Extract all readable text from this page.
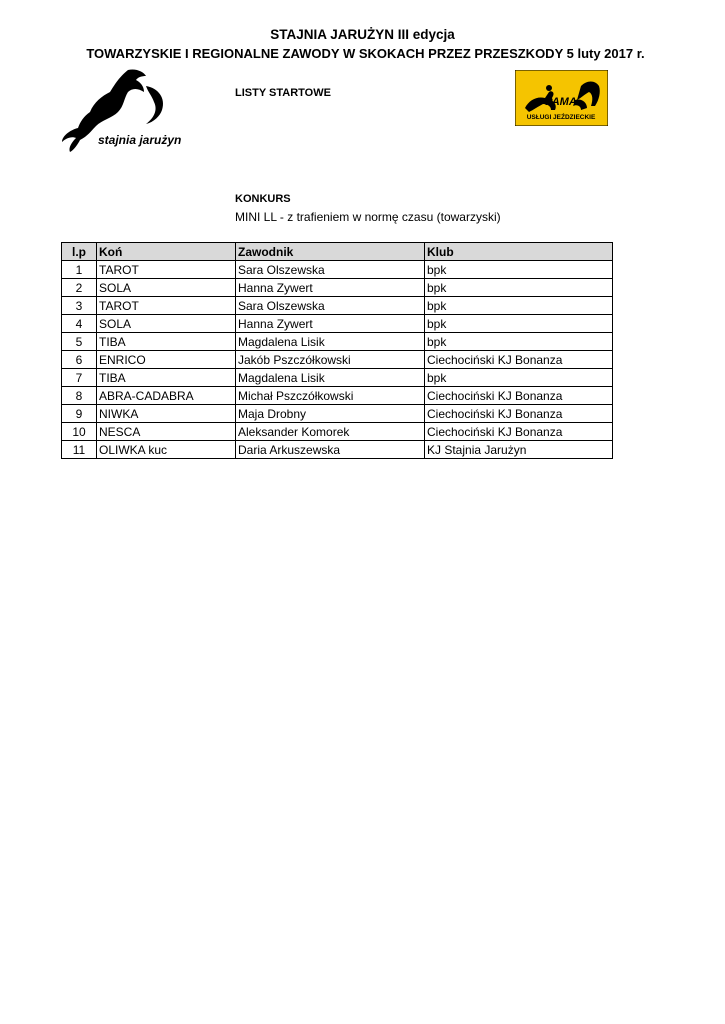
STAJNIA JARUŻYN III edycja
TOWARZYSKIE I REGIONALNE ZAWODY W SKOKACH PRZEZ PRZESZKODY 5 luty 2017 r.
stajnia jarużyn
LISTY STARTOWE
PAMA
USŁUGI JEŹDZIECKIE
KONKURS
MINI LL - z trafieniem w normę czasu (towarzyski)
l.p	Koń	Zawodnik	Klub
1	TAROT	Sara Olszewska	bpk
2	SOLA	Hanna Zywert	bpk
3	TAROT	Sara Olszewska	bpk
4	SOLA	Hanna Zywert	bpk
5	TIBA	Magdalena Lisik	bpk
6	ENRICO	Jakób Pszczółkowski	Ciechociński KJ Bonanza
7	TIBA	Magdalena Lisik	bpk
8	ABRA-CADABRA	Michał Pszczółkowski	Ciechociński KJ Bonanza
9	NIWKA	Maja Drobny	Ciechociński KJ Bonanza
10	NESCA	Aleksander Komorek	Ciechociński KJ Bonanza
11	OLIWKA kuc	Daria Arkuszewska	KJ Stajnia Jarużyn
